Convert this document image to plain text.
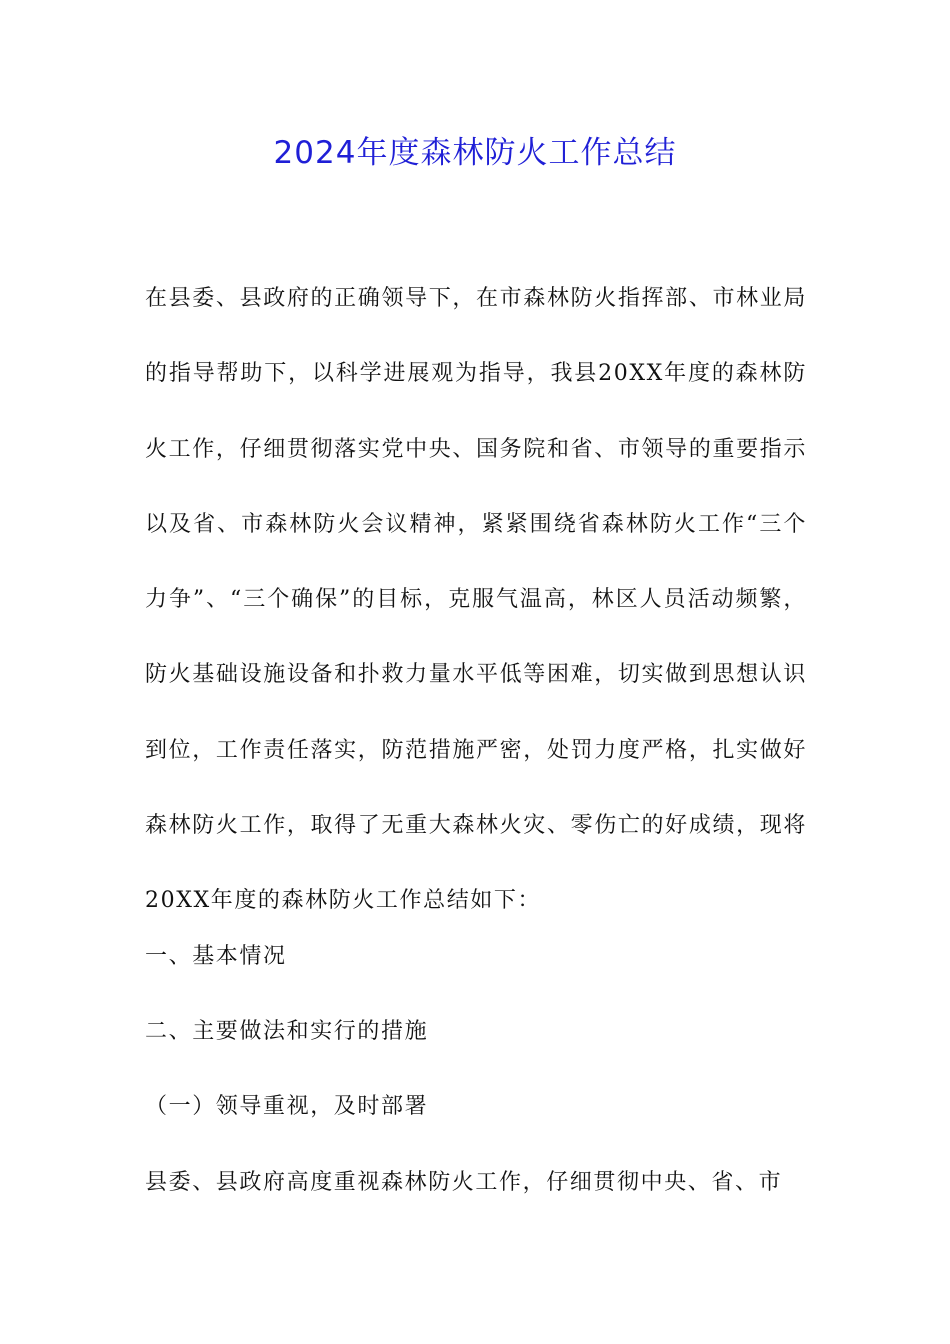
2024年度森林防火工作总结
在县委、县政府的正确领导下，在市森林防火指挥部、市林业局的指导帮助下，以科学进展观为指导，我县20XX年度的森林防火工作，仔细贯彻落实党中央、国务院和省、市领导的重要指示以及省、市森林防火会议精神，紧紧围绕省森林防火工作“三个力争”、“三个确保”的目标，克服气温高，林区人员活动频繁，防火基础设施设备和扑救力量水平低等困难，切实做到思想认识到位，工作责任落实，防范措施严密，处罚力度严格，扎实做好森林防火工作，取得了无重大森林火灾、零伤亡的好成绩，现将20XX年度的森林防火工作总结如下：
一、基本情况
二、主要做法和实行的措施
（一）领导重视，及时部署
县委、县政府高度重视森林防火工作，仔细贯彻中央、省、市
